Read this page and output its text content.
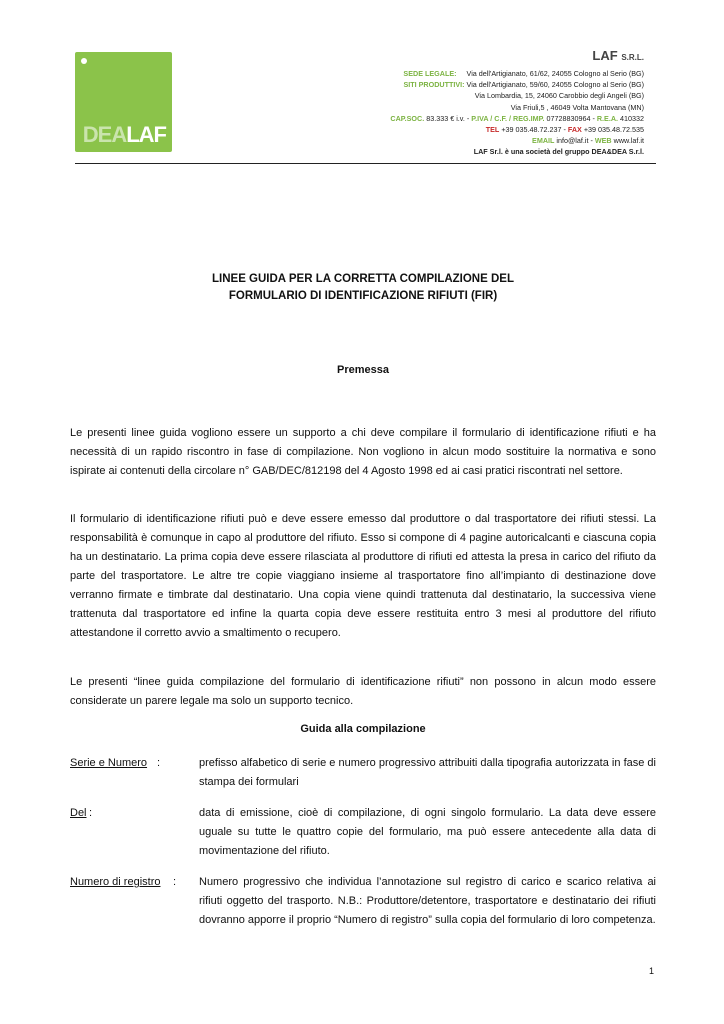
DEALAF
LAF S.R.L.
SEDE LEGALE: Via dell'Artigianato, 61/62, 24055 Cologno al Serio (BG)
SITI PRODUTTIVI: Via dell'Artigianato, 59/60, 24055 Cologno al Serio (BG)
Via Lombardia, 15, 24060 Carobbio degli Angeli (BG)
Via Friuli,5 , 46049 Volta Mantovana (MN)
CAP.SOC. 83.333 € i.v. - P.IVA / C.F. / REG.IMP. 07728830964 - R.E.A. 410332
TEL +39 035.48.72.237 - FAX +39 035.48.72.535
EMAIL info@laf.it - WEB www.laf.it
LAF Sr.l. è una società del gruppo DEA&DEA S.r.l.
LINEE GUIDA PER LA CORRETTA COMPILAZIONE DEL
FORMULARIO DI IDENTIFICAZIONE RIFIUTI (FIR)
Premessa
Le presenti linee guida vogliono essere un supporto a chi deve compilare il formulario di identificazione rifiuti e ha necessità di un rapido riscontro in fase di compilazione. Non vogliono in alcun modo sostituire la normativa e sono ispirate ai contenuti della circolare n° GAB/DEC/812198 del 4 Agosto 1998 ed ai casi pratici riscontrati nel settore.
Il formulario di identificazione rifiuti può e deve essere emesso dal produttore o dal trasportatore dei rifiuti stessi. La responsabilità è comunque in capo al produttore del rifiuto. Esso si compone di 4 pagine autoricalcanti e ciascuna copia ha un destinatario. La prima copia deve essere rilasciata al produttore di rifiuti ed attesta la presa in carico del rifiuto da parte del trasportatore. Le altre tre copie viaggiano insieme al trasportatore fino all’impianto di destinazione dove verranno firmate e timbrate dal destinatario. Una copia viene quindi trattenuta dal destinatario, la successiva viene trattenuta dal trasportatore ed infine la quarta copia deve essere restituita entro 3 mesi al produttore del rifiuto attestandone il corretto avvio a smaltimento o recupero.
Le presenti “linee guida compilazione del formulario di identificazione rifiuti” non possono in alcun modo essere considerate un parere legale ma solo un supporto tecnico.
Guida alla compilazione
Serie e Numero :	prefisso alfabetico di serie e numero progressivo attribuiti dalla tipografia autorizzata in fase di stampa dei formulari
Del :	data di emissione, cioè di compilazione, di ogni singolo formulario. La data deve essere uguale su tutte le quattro copie del formulario, ma può essere antecedente alla data di movimentazione del rifiuto.
Numero di registro : Numero progressivo che individua l’annotazione sul registro di carico e scarico relativa ai rifiuti oggetto del trasporto. N.B.: Produttore/detentore, trasportatore e destinatario dei rifiuti dovranno apporre il proprio “Numero di registro” sulla copia del formulario di loro competenza.
1
